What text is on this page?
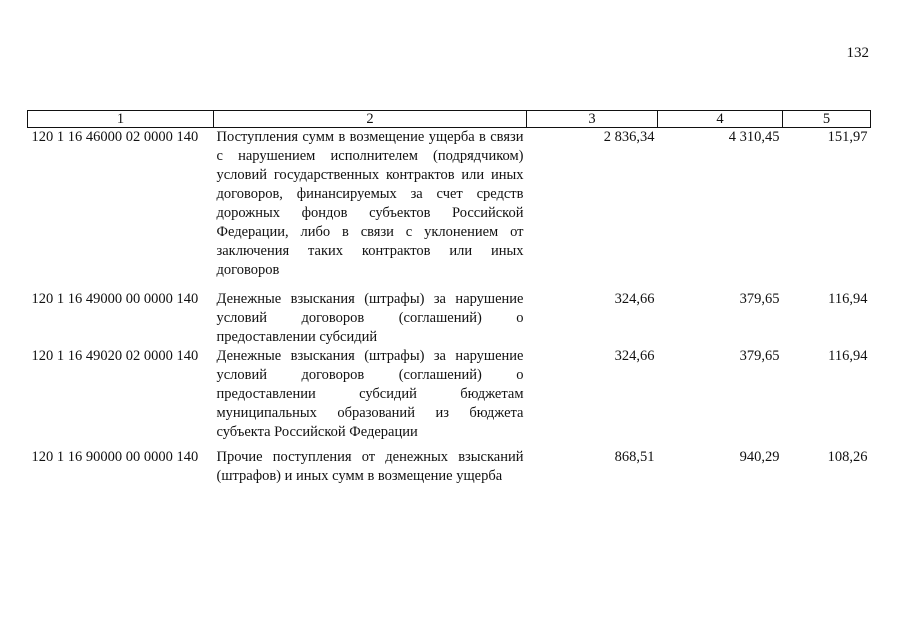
132
1	2	3	4	5
120 1 16 46000 02 0000 140	Поступления сумм в возмещение ущерба в связи с нарушением исполнителем (подрядчиком) условий государственных контрактов или иных договоров, финансируемых за счет средств дорожных фондов субъектов Российской Федерации, либо в связи с уклонением от заключения таких контрактов или иных договоров	2 836,34	4 310,45	151,97
120 1 16 49000 00 0000 140	Денежные взыскания (штрафы) за нарушение условий договоров (соглашений) о предоставлении субсидий	324,66	379,65	116,94
120 1 16 49020 02 0000 140	Денежные взыскания (штрафы) за нарушение условий договоров (соглашений) о предоставлении субсидий бюджетам муниципальных образований из бюджета субъекта Российской Федерации	324,66	379,65	116,94
120 1 16 90000 00 0000 140	Прочие поступления от денежных взысканий (штрафов) и иных сумм в возмещение ущерба	868,51	940,29	108,26
